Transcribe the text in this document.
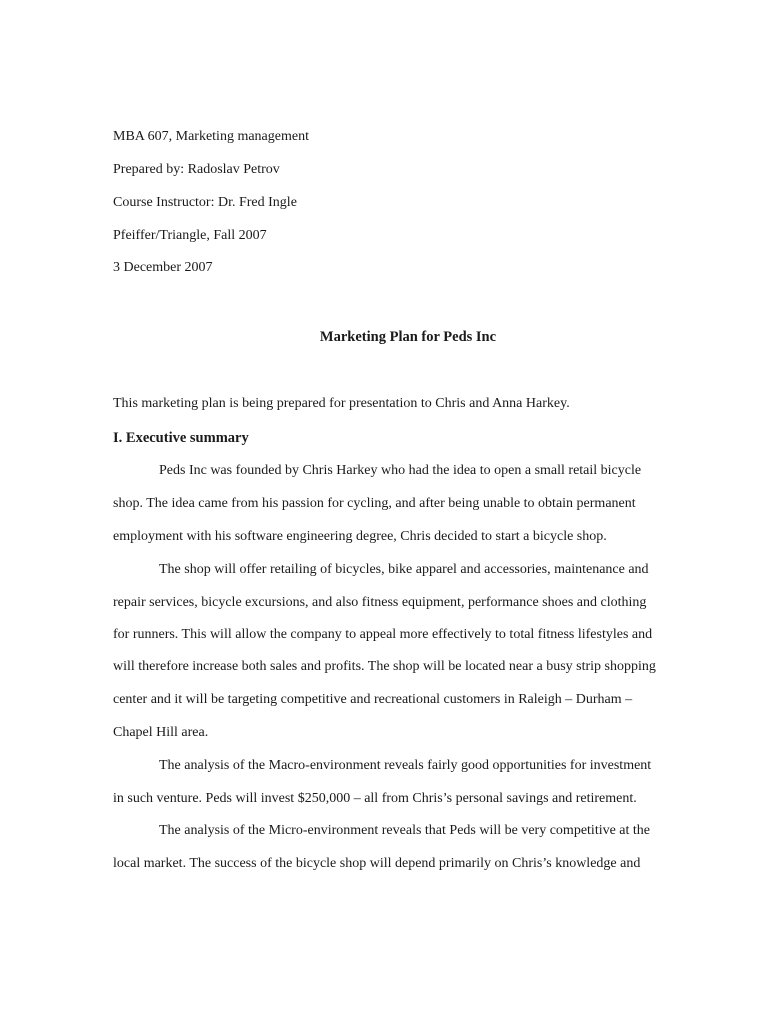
MBA 607, Marketing management
Prepared by: Radoslav Petrov
Course Instructor: Dr. Fred Ingle
Pfeiffer/Triangle, Fall 2007
3 December 2007
Marketing Plan for Peds Inc
This marketing plan is being prepared for presentation to Chris and Anna Harkey.
I. Executive summary
Peds Inc was founded by Chris Harkey who had the idea to open a small retail bicycle
shop. The idea came from his passion for cycling, and after being unable to obtain permanent
employment with his software engineering degree, Chris decided to start a bicycle shop.
The shop will offer retailing of bicycles, bike apparel and accessories, maintenance and
repair services, bicycle excursions, and also fitness equipment, performance shoes and clothing
for runners. This will allow the company to appeal more effectively to total fitness lifestyles and
will therefore increase both sales and profits. The shop will be located near a busy strip shopping
center and it will be targeting competitive and recreational customers in Raleigh – Durham –
Chapel Hill area.
The analysis of the Macro-environment reveals fairly good opportunities for investment
in such venture. Peds will invest $250,000 – all from Chris’s personal savings and retirement.
The analysis of the Micro-environment reveals that Peds will be very competitive at the
local market. The success of the bicycle shop will depend primarily on Chris’s knowledge and
